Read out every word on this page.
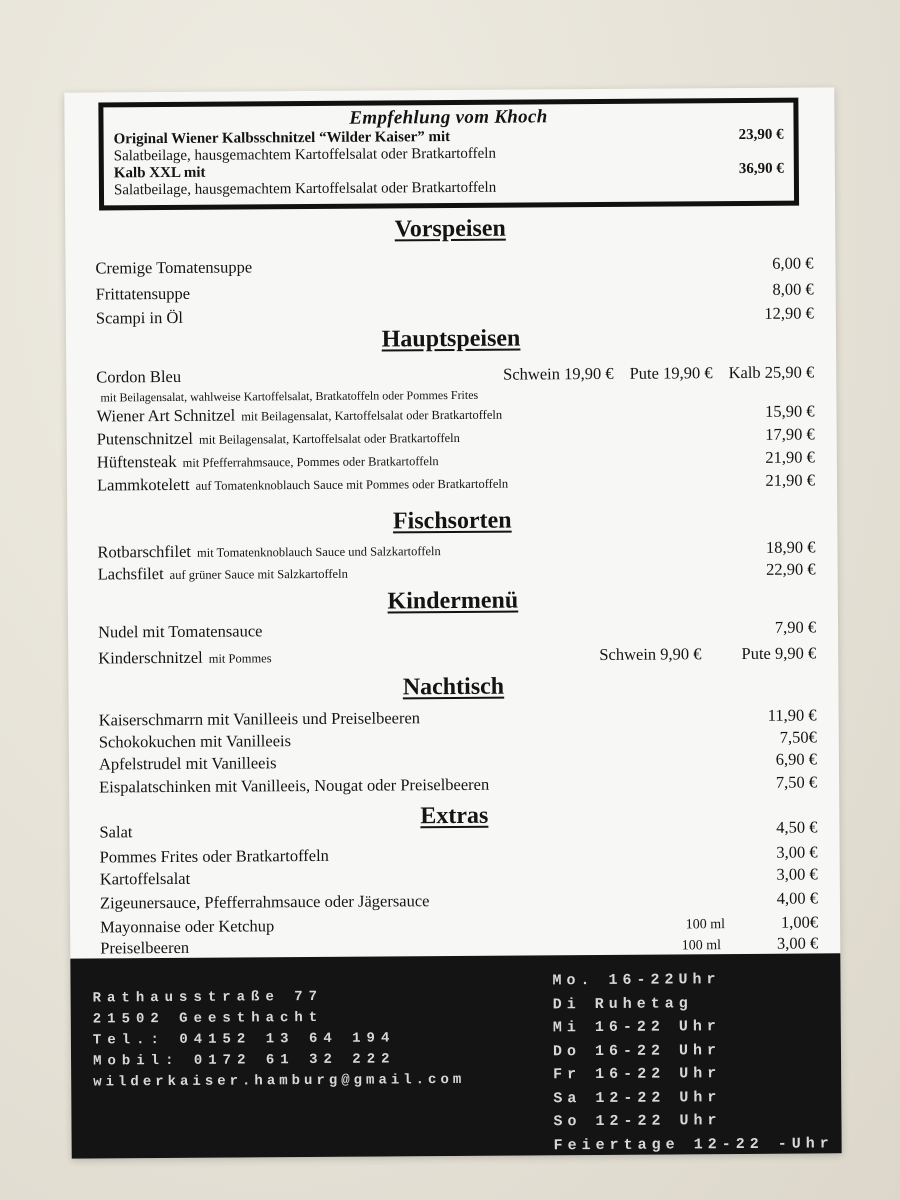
Empfehlung vom Khoch
Original Wiener Kalbsschnitzel “Wilder Kaiser” mit	23,90 €
Salatbeilage, hausgemachtem Kartoffelsalat oder Bratkartoffeln
Kalb XXL mit	36,90 €
Salatbeilage, hausgemachtem Kartoffelsalat oder Bratkartoffeln
Vorspeisen
Cremige Tomatensuppe	6,00 €
Frittatensuppe	8,00 €
Scampi in Öl	12,90 €
Hauptspeisen
Cordon Bleu	Schwein 19,90 € Pute 19,90 € Kalb 25,90 €
mit Beilagensalat, wahlweise Kartoffelsalat, Bratkatoffeln oder Pommes Frites
Wiener Art Schnitzel mit Beilagensalat, Kartoffelsalat oder Bratkartoffeln	15,90 €
Putenschnitzel mit Beilagensalat, Kartoffelsalat oder Bratkartoffeln	17,90 €
Hüftensteak mit Pfefferrahmsauce, Pommes oder Bratkartoffeln	21,90 €
Lammkotelett auf Tomatenknoblauch Sauce mit Pommes oder Bratkartoffeln	21,90 €
Fischsorten
Rotbarschfilet mit Tomatenknoblauch Sauce und Salzkartoffeln	18,90 €
Lachsfilet auf grüner Sauce mit Salzkartoffeln	22,90 €
Kindermenü
Nudel mit Tomatensauce	7,90 €
Kinderschnitzel mit Pommes	Schwein 9,90 € Pute 9,90 €
Nachtisch
Kaiserschmarrn mit Vanilleeis und Preiselbeeren	11,90 €
Schokokuchen mit Vanilleeis	7,50€
Apfelstrudel mit Vanilleeis	6,90 €
Eispalatschinken mit Vanilleeis, Nougat oder Preiselbeeren	7,50 €
Extras
Salat	4,50 €
Pommes Frites oder Bratkartoffeln	3,00 €
Kartoffelsalat	3,00 €
Zigeunersauce, Pfefferrahmsauce oder Jägersauce	4,00 €
Mayonnaise oder Ketchup	100 ml	1,00€
Preiselbeeren	100 ml	3,00 €
Rathausstraße 77
21502 Geesthacht
Tel.: 04152 13 64 194
Mobil: 0172 61 32 222
wilderkaiser.hamburg@gmail.com
Mo. 16-22Uhr
Di Ruhetag
Mi 16-22 Uhr
Do 16-22 Uhr
Fr 16-22 Uhr
Sa 12-22 Uhr
So 12-22 Uhr
Feiertage 12-22 -Uhr
